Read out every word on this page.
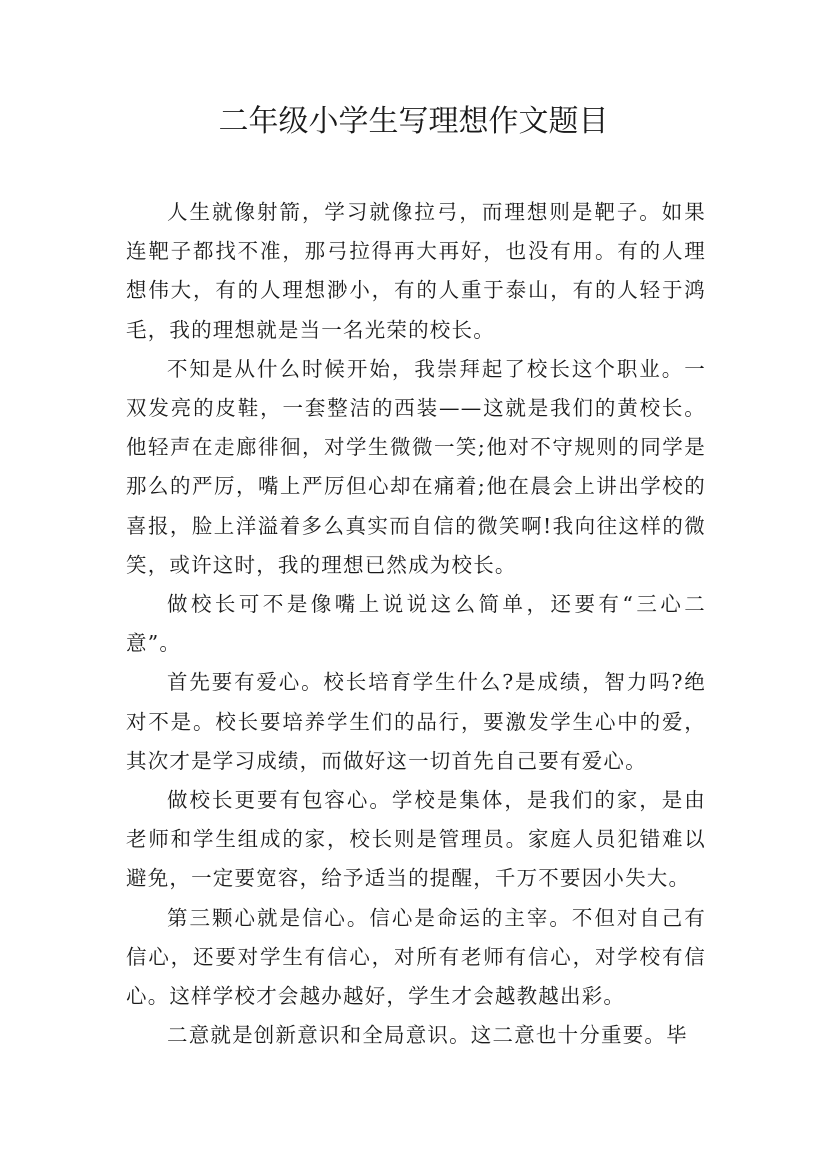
二年级小学生写理想作文题目

人生就像射箭，学习就像拉弓，而理想则是靶子。如果连靶子都找不准，那弓拉得再大再好，也没有用。有的人理想伟大，有的人理想渺小，有的人重于泰山，有的人轻于鸿毛，我的理想就是当一名光荣的校长。

不知是从什么时候开始，我崇拜起了校长这个职业。一双发亮的皮鞋，一套整洁的西装——这就是我们的黄校长。他轻声在走廊徘徊，对学生微微一笑;他对不守规则的同学是那么的严厉，嘴上严厉但心却在痛着;他在晨会上讲出学校的喜报，脸上洋溢着多么真实而自信的微笑啊!我向往这样的微笑，或许这时，我的理想已然成为校长。

做校长可不是像嘴上说说这么简单，还要有“三心二意”。

首先要有爱心。校长培育学生什么?是成绩，智力吗?绝对不是。校长要培养学生们的品行，要激发学生心中的爱，其次才是学习成绩，而做好这一切首先自己要有爱心。

做校长更要有包容心。学校是集体，是我们的家，是由老师和学生组成的家，校长则是管理员。家庭人员犯错难以避免，一定要宽容，给予适当的提醒，千万不要因小失大。

第三颗心就是信心。信心是命运的主宰。不但对自己有信心，还要对学生有信心，对所有老师有信心，对学校有信心。这样学校才会越办越好，学生才会越教越出彩。

二意就是创新意识和全局意识。这二意也十分重要。毕
